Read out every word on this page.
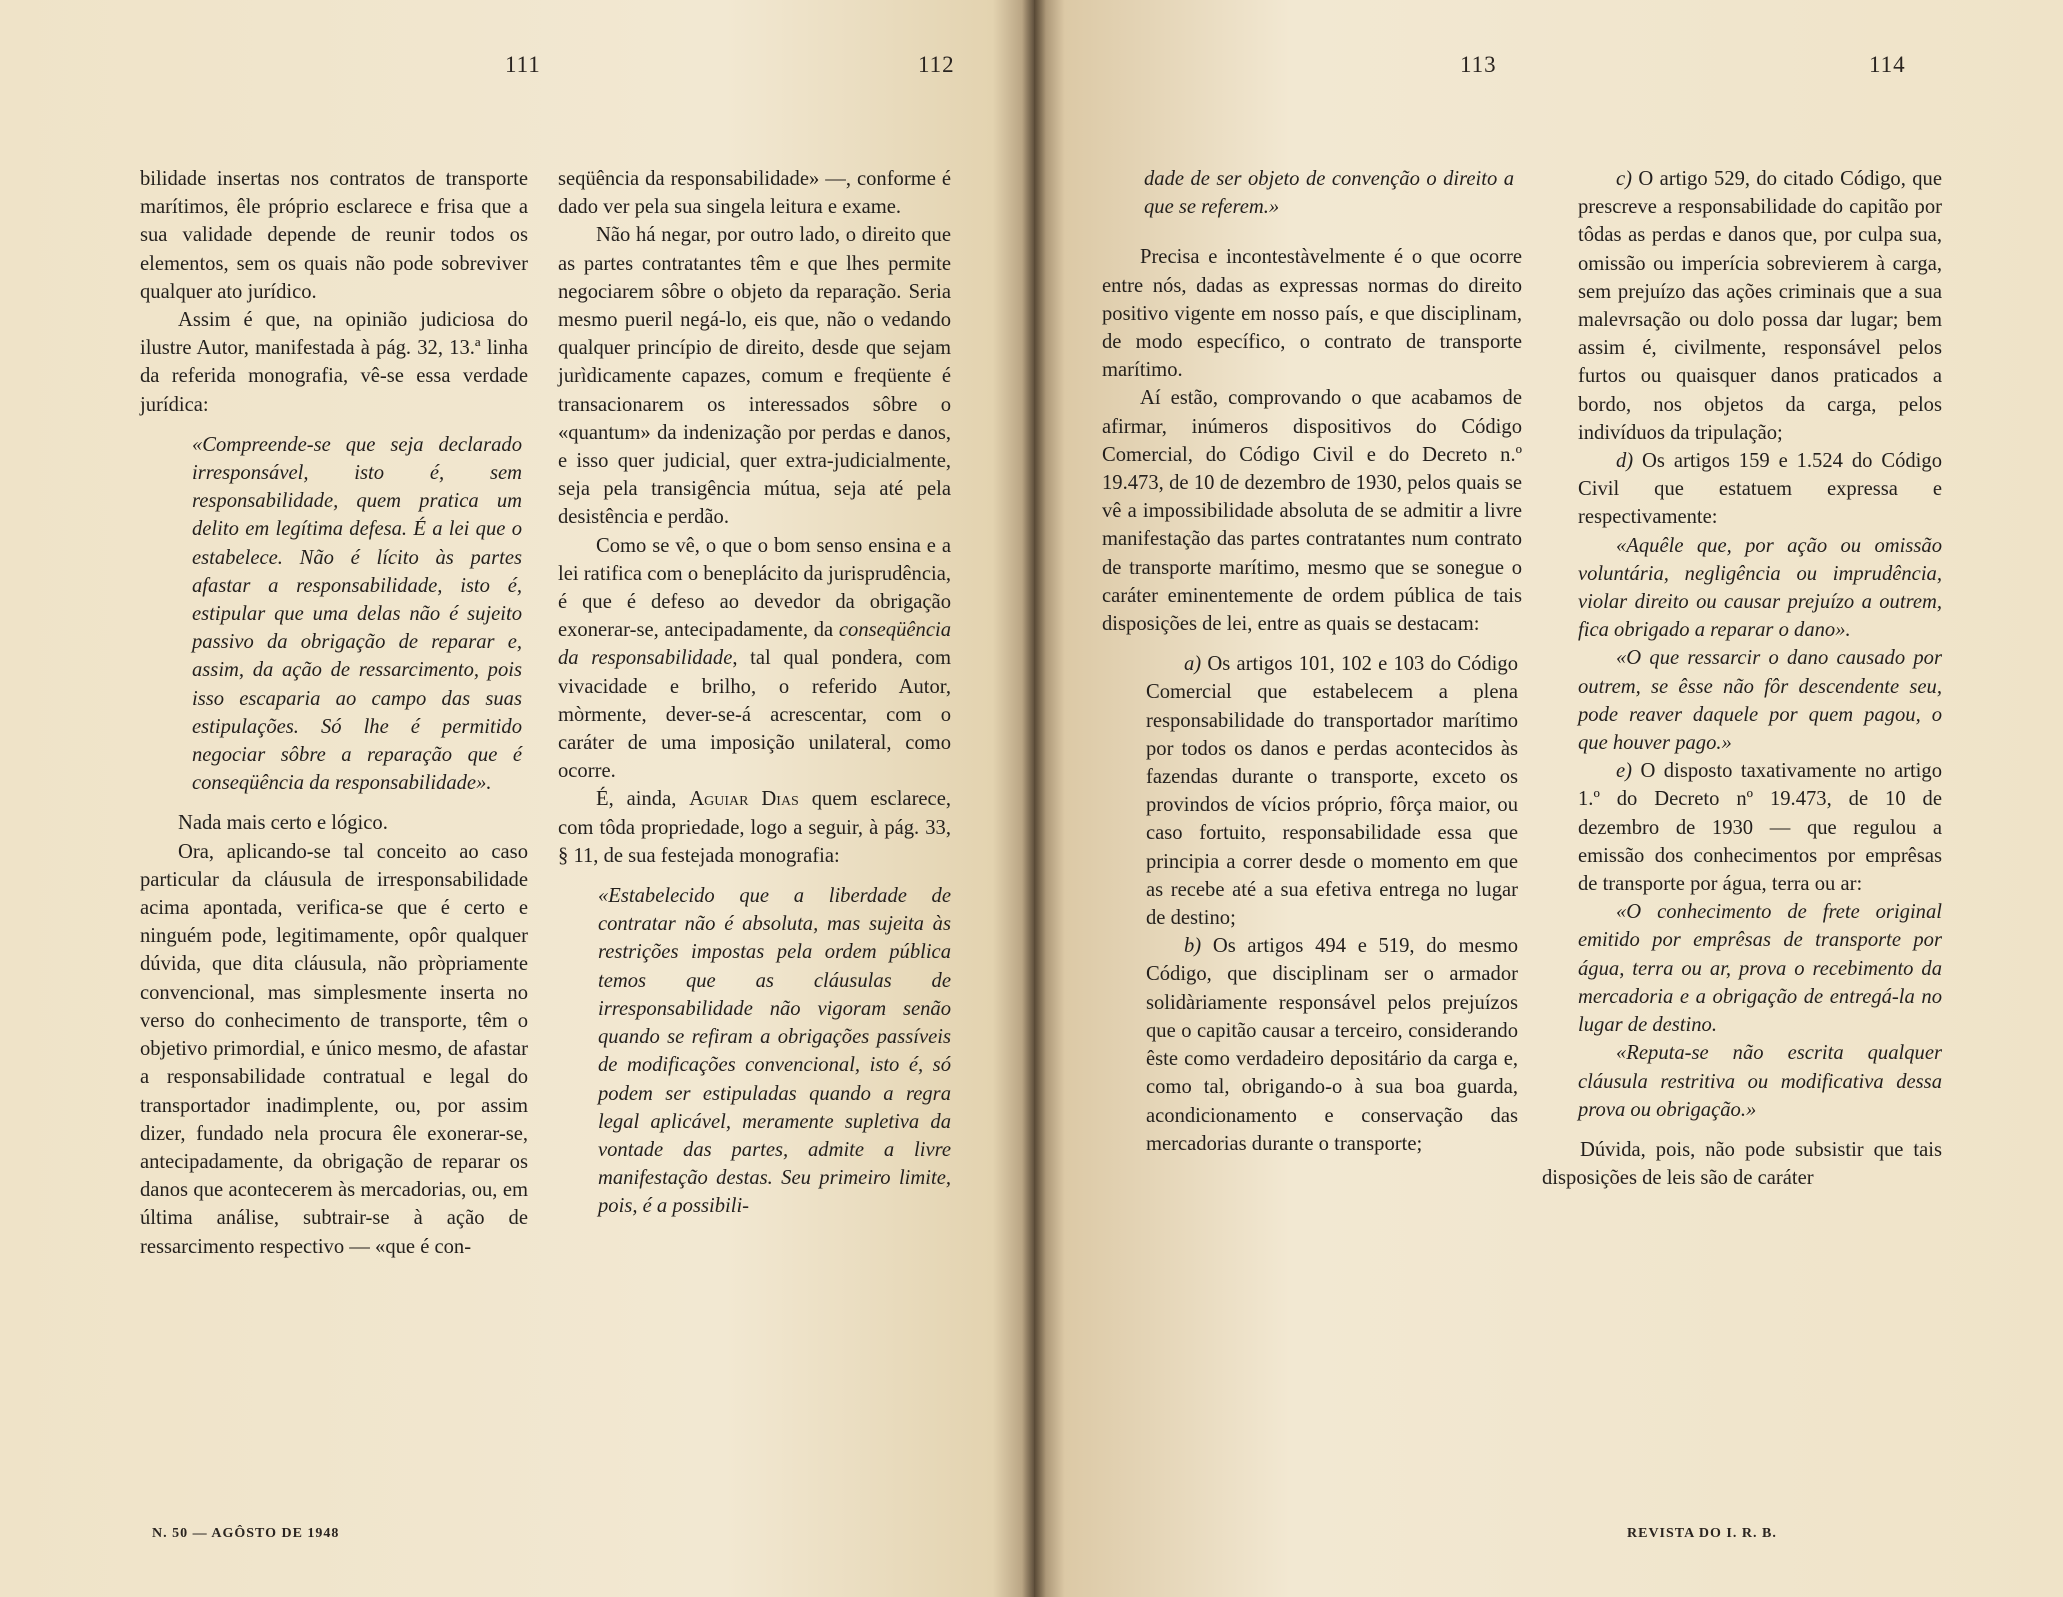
111	112

bilidade insertas nos contratos de transporte marítimos, êle próprio esclarece e frisa que a sua validade depende de reunir todos os elementos, sem os quais não pode sobreviver qualquer ato jurídico.

Assim é que, na opinião judiciosa do ilustre Autor, manifestada à pág. 32, 13.ª linha da referida monografia, vê-se essa verdade jurídica:

«Compreende-se que seja declarado irresponsável, isto é, sem responsabilidade, quem pratica um delito em legítima defesa. É a lei que o estabelece. Não é lícito às partes afastar a responsabilidade, isto é, estipular que uma delas não é sujeito passivo da obrigação de reparar e, assim, da ação de ressarcimento, pois isso escaparia ao campo das suas estipulações. Só lhe é permitido negociar sôbre a reparação que é conseqüência da responsabilidade».

Nada mais certo e lógico.

Ora, aplicando-se tal conceito ao caso particular da cláusula de irresponsabilidade acima apontada, verifica-se que é certo e ninguém pode, legitimamente, opôr qualquer dúvida, que dita cláusula, não pròpriamente convencional, mas simplesmente inserta no verso do conhecimento de transporte, têm o objetivo primordial, e único mesmo, de afastar a responsabilidade contratual e legal do transportador inadimplente, ou, por assim dizer, fundado nela procura êle exonerar-se, antecipadamente, da obrigação de reparar os danos que acontecerem às mercadorias, ou, em última análise, subtrair-se à ação de ressarcimento respectivo — «que é con-

seqüência da responsabilidade» —, conforme é dado ver pela sua singela leitura e exame.

Não há negar, por outro lado, o direito que as partes contratantes têm e que lhes permite negociarem sôbre o objeto da reparação. Seria mesmo pueril negá-lo, eis que, não o vedando qualquer princípio de direito, desde que sejam jurìdicamente capazes, comum e freqüente é transacionarem os interessados sôbre o «quantum» da indenização por perdas e danos, e isso quer judicial, quer extra-judicialmente, seja pela transigência mútua, seja até pela desistência e perdão.

Como se vê, o que o bom senso ensina e a lei ratifica com o beneplácito da jurisprudência, é que é defeso ao devedor da obrigação exonerar-se, antecipadamente, da conseqüência da responsabilidade, tal qual pondera, com vivacidade e brilho, o referido Autor, mòrmente, dever-se-á acrescentar, com o caráter de uma imposição unilateral, como ocorre.

É, ainda, Aguiar Dias quem esclarece, com tôda propriedade, logo a seguir, à pág. 33, § 11, de sua festejada monografia:

«Estabelecido que a liberdade de contratar não é absoluta, mas sujeita às restrições impostas pela ordem pública temos que as cláusulas de irresponsabilidade não vigoram senão quando se refiram a obrigações passíveis de modificações convencional, isto é, só podem ser estipuladas quando a regra legal aplicável, meramente supletiva da vontade das partes, admite a livre manifestação destas. Seu primeiro limite, pois, é a possibili-

N. 50 — AGÔSTO DE 1948
113	114

dade de ser objeto de convenção o direito a que se referem.»

Precisa e incontestàvelmente é o que ocorre entre nós, dadas as expressas normas do direito positivo vigente em nosso país, e que disciplinam, de modo específico, o contrato de transporte marítimo.

Aí estão, comprovando o que acabamos de afirmar, inúmeros dispositivos do Código Comercial, do Código Civil e do Decreto n.º 19.473, de 10 de dezembro de 1930, pelos quais se vê a impossibilidade absoluta de se admitir a livre manifestação das partes contratantes num contrato de transporte marítimo, mesmo que se sonegue o caráter eminentemente de ordem pública de tais disposições de lei, entre as quais se destacam:

a) Os artigos 101, 102 e 103 do Código Comercial que estabelecem a plena responsabilidade do transportador marítimo por todos os danos e perdas acontecidos às fazendas durante o transporte, exceto os provindos de vícios próprio, fôrça maior, ou caso fortuito, responsabilidade essa que principia a correr desde o momento em que as recebe até a sua efetiva entrega no lugar de destino;

b) Os artigos 494 e 519, do mesmo Código, que disciplinam ser o armador solidàriamente responsável pelos prejuízos que o capitão causar a terceiro, considerando êste como verdadeiro depositário da carga e, como tal, obrigando-o à sua boa guarda, acondicionamento e conservação das mercadorias durante o transporte;

c) O artigo 529, do citado Código, que prescreve a responsabilidade do capitão por tôdas as perdas e danos que, por culpa sua, omissão ou imperícia sobrevierem à carga, sem prejuízo das ações criminais que a sua malevrsação ou dolo possa dar lugar; bem assim é, civilmente, responsável pelos furtos ou quaisquer danos praticados a bordo, nos objetos da carga, pelos indivíduos da tripulação;

d) Os artigos 159 e 1.524 do Código Civil que estatuem expressa e respectivamente:

«Aquêle que, por ação ou omissão voluntária, negligência ou imprudência, violar direito ou causar prejuízo a outrem, fica obrigado a reparar o dano».

«O que ressarcir o dano causado por outrem, se êsse não fôr descendente seu, pode reaver daquele por quem pagou, o que houver pago.»

e) O disposto taxativamente no artigo 1.º do Decreto nº 19.473, de 10 de dezembro de 1930 — que regulou a emissão dos conhecimentos por emprêsas de transporte por água, terra ou ar:

«O conhecimento de frete original emitido por emprêsas de transporte por água, terra ou ar, prova o recebimento da mercadoria e a obrigação de entregá-la no lugar de destino.

«Reputa-se não escrita qualquer cláusula restritiva ou modificativa dessa prova ou obrigação.»

Dúvida, pois, não pode subsistir que tais disposições de leis são de caráter

REVISTA DO I. R. B.
